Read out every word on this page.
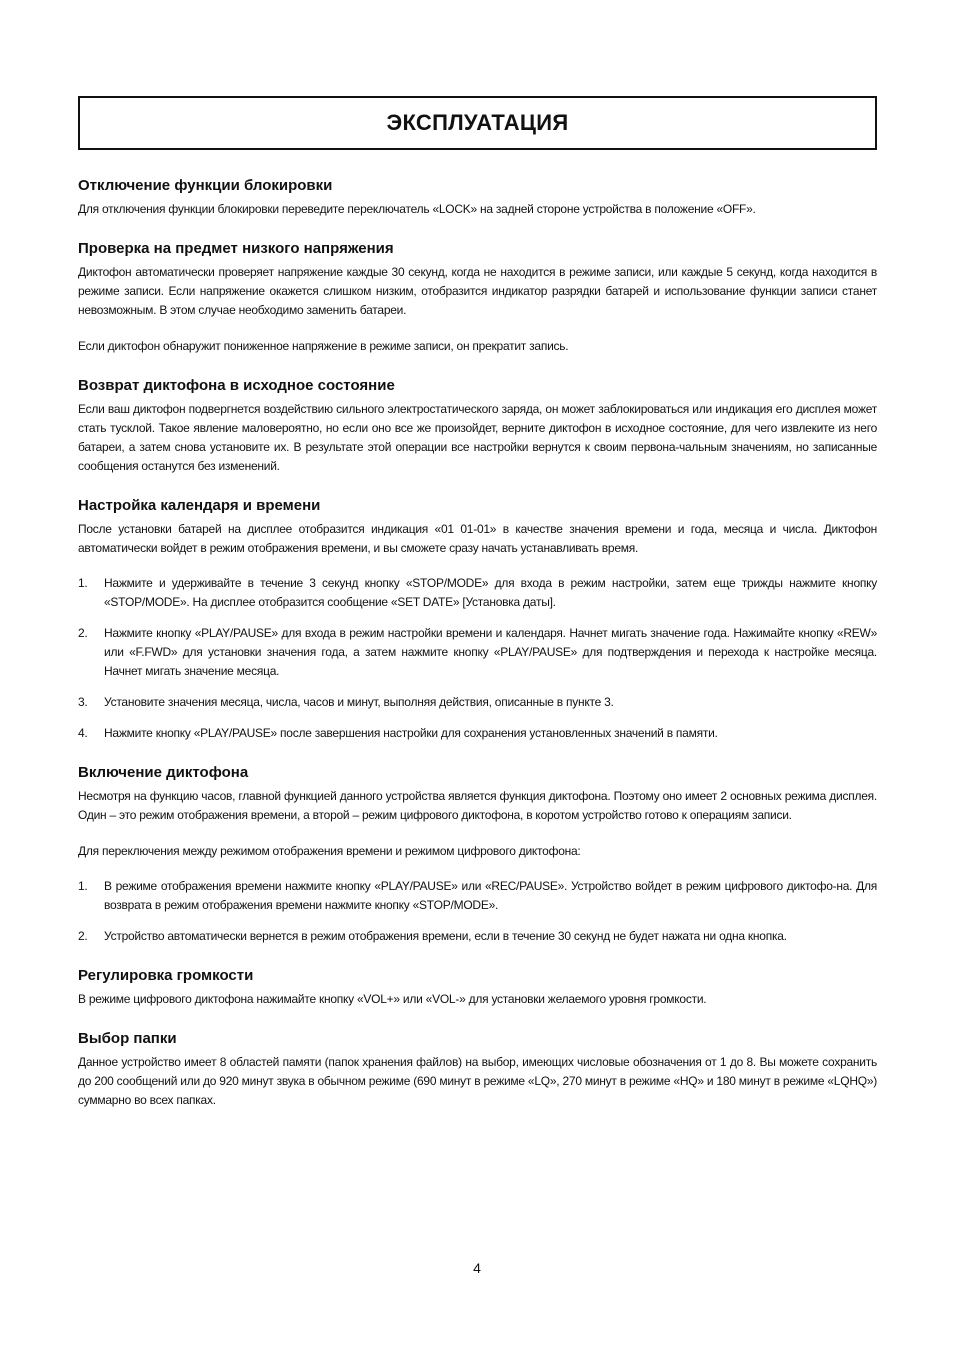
ЭКСПЛУАТАЦИЯ
Отключение функции блокировки

Для отключения функции блокировки переведите переключатель «LOCK» на задней стороне устройства в положение «OFF».

Проверка на предмет низкого напряжения

Диктофон автоматически проверяет напряжение каждые 30 секунд, когда не находится в режиме записи, или каждые 5 секунд, когда находится в режиме записи. Если напряжение окажется слишком низким, отобразится индикатор разрядки батарей и использование функции записи станет невозможным. В этом случае необходимо заменить батареи.

Если диктофон обнаружит пониженное напряжение в режиме записи, он прекратит запись.

Возврат диктофона в исходное состояние

Если ваш диктофон подвергнется воздействию сильного электростатического заряда, он может заблокироваться или индикация его дисплея может стать тусклой. Такое явление маловероятно, но если оно все же произойдет, верните диктофон в исходное состояние, для чего извлеките из него батареи, а затем снова установите их. В результате этой операции все настройки вернутся к своим первона-чальным значениям, но записанные сообщения останутся без изменений.

Настройка календаря и времени

После установки батарей на дисплее отобразится индикация «01 01-01» в качестве значения времени и года, месяца и числа. Диктофон автоматически войдет в режим отображения времени, и вы сможете сразу начать устанавливать время.

1.	Нажмите и удерживайте в течение 3 секунд кнопку «STOP/MODE» для входа в режим настройки, затем еще трижды нажмите кнопку «STOP/MODE». На дисплее отобразится сообщение «SET DATE» [Установка даты].
2.	Нажмите кнопку «PLAY/PAUSE» для входа в режим настройки времени и календаря. Начнет мигать значение года. Нажимайте кнопку «REW» или «F.FWD» для установки значения года, а затем нажмите кнопку «PLAY/PAUSE» для подтверждения и перехода к настройке месяца. Начнет мигать значение месяца.
3.	Установите значения месяца, числа, часов и минут, выполняя действия, описанные в пункте 3.
4.	Нажмите кнопку «PLAY/PAUSE» после завершения настройки для сохранения установленных значений в памяти.
Включение диктофона

Несмотря на функцию часов, главной функцией данного устройства является функция диктофона. Поэтому оно имеет 2 основных режима дисплея. Один – это режим отображения времени, а второй – режим цифрового диктофона, в коротом устройство готово к операциям записи.

Для переключения между режимом отображения времени и режимом цифрового диктофона:

1.	В режиме отображения времени нажмите кнопку «PLAY/PAUSE» или «REC/PAUSE». Устройство войдет в режим цифрового диктофо-на. Для возврата в режим отображения времени нажмите кнопку «STOP/MODE».
2.	Устройство автоматически вернется в режим отображения времени, если в течение 30 секунд не будет нажата ни одна кнопка.
Регулировка громкости

В режиме цифрового диктофона нажимайте кнопку «VOL+» или «VOL-» для установки желаемого уровня громкости.

Выбор папки

Данное устройство имеет 8 областей памяти (папок хранения файлов) на выбор, имеющих числовые обозначения от 1 до 8. Вы можете сохранить до 200 сообщений или до 920 минут звука в обычном режиме (690 минут в режиме «LQ», 270 минут в режиме «HQ» и 180 минут в режиме «LQHQ») суммарно во всех папках.

4
